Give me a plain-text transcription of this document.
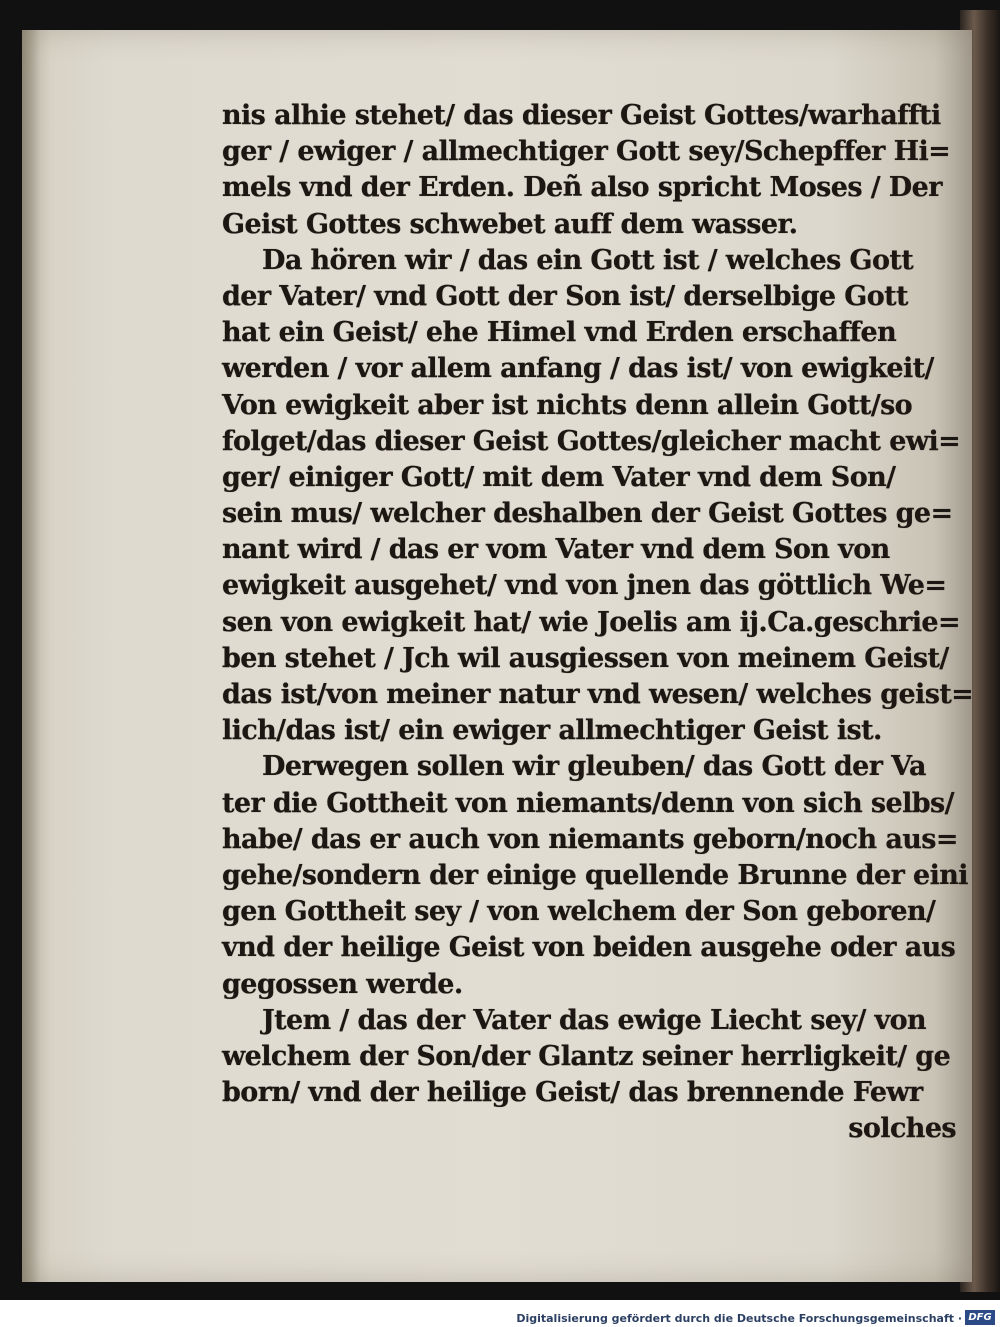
nis alhie stehet/ das dieser Geist Gottes/warhaffti
ger / ewiger / allmechtiger Gott sey/Schepffer Hi=
mels vnd der Erden. Deñ also spricht Moses / Der
Geist Gottes schwebet auff dem wasser.
Da hören wir / das ein Gott ist / welches Gott
der Vater/ vnd Gott der Son ist/ derselbige Gott
hat ein Geist/ ehe Himel vnd Erden erschaffen
werden / vor allem anfang / das ist/ von ewigkeit/
Von ewigkeit aber ist nichts denn allein Gott/so
folget/das dieser Geist Gottes/gleicher macht ewi=
ger/ einiger Gott/ mit dem Vater vnd dem Son/
sein mus/ welcher deshalben der Geist Gottes ge=
nant wird / das er vom Vater vnd dem Son von
ewigkeit ausgehet/ vnd von jnen das göttlich We=
sen von ewigkeit hat/ wie Joelis am ij.Ca.geschrie=
ben stehet / Jch wil ausgiessen von meinem Geist/
das ist/von meiner natur vnd wesen/ welches geist=
lich/das ist/ ein ewiger allmechtiger Geist ist.
Derwegen sollen wir gleuben/ das Gott der Va
ter die Gottheit von niemants/denn von sich selbs/
habe/ das er auch von niemants geborn/noch aus=
gehe/sondern der einige quellende Brunne der eini
gen Gottheit sey / von welchem der Son geboren/
vnd der heilige Geist von beiden ausgehe oder aus
gegossen werde.
Jtem / das der Vater das ewige Liecht sey/ von
welchem der Son/der Glantz seiner herrligkeit/ ge
born/ vnd der heilige Geist/ das brennende Fewr
solches
Digitalisierung gefördert durch die Deutsche Forschungsgemeinschaft · DFG
